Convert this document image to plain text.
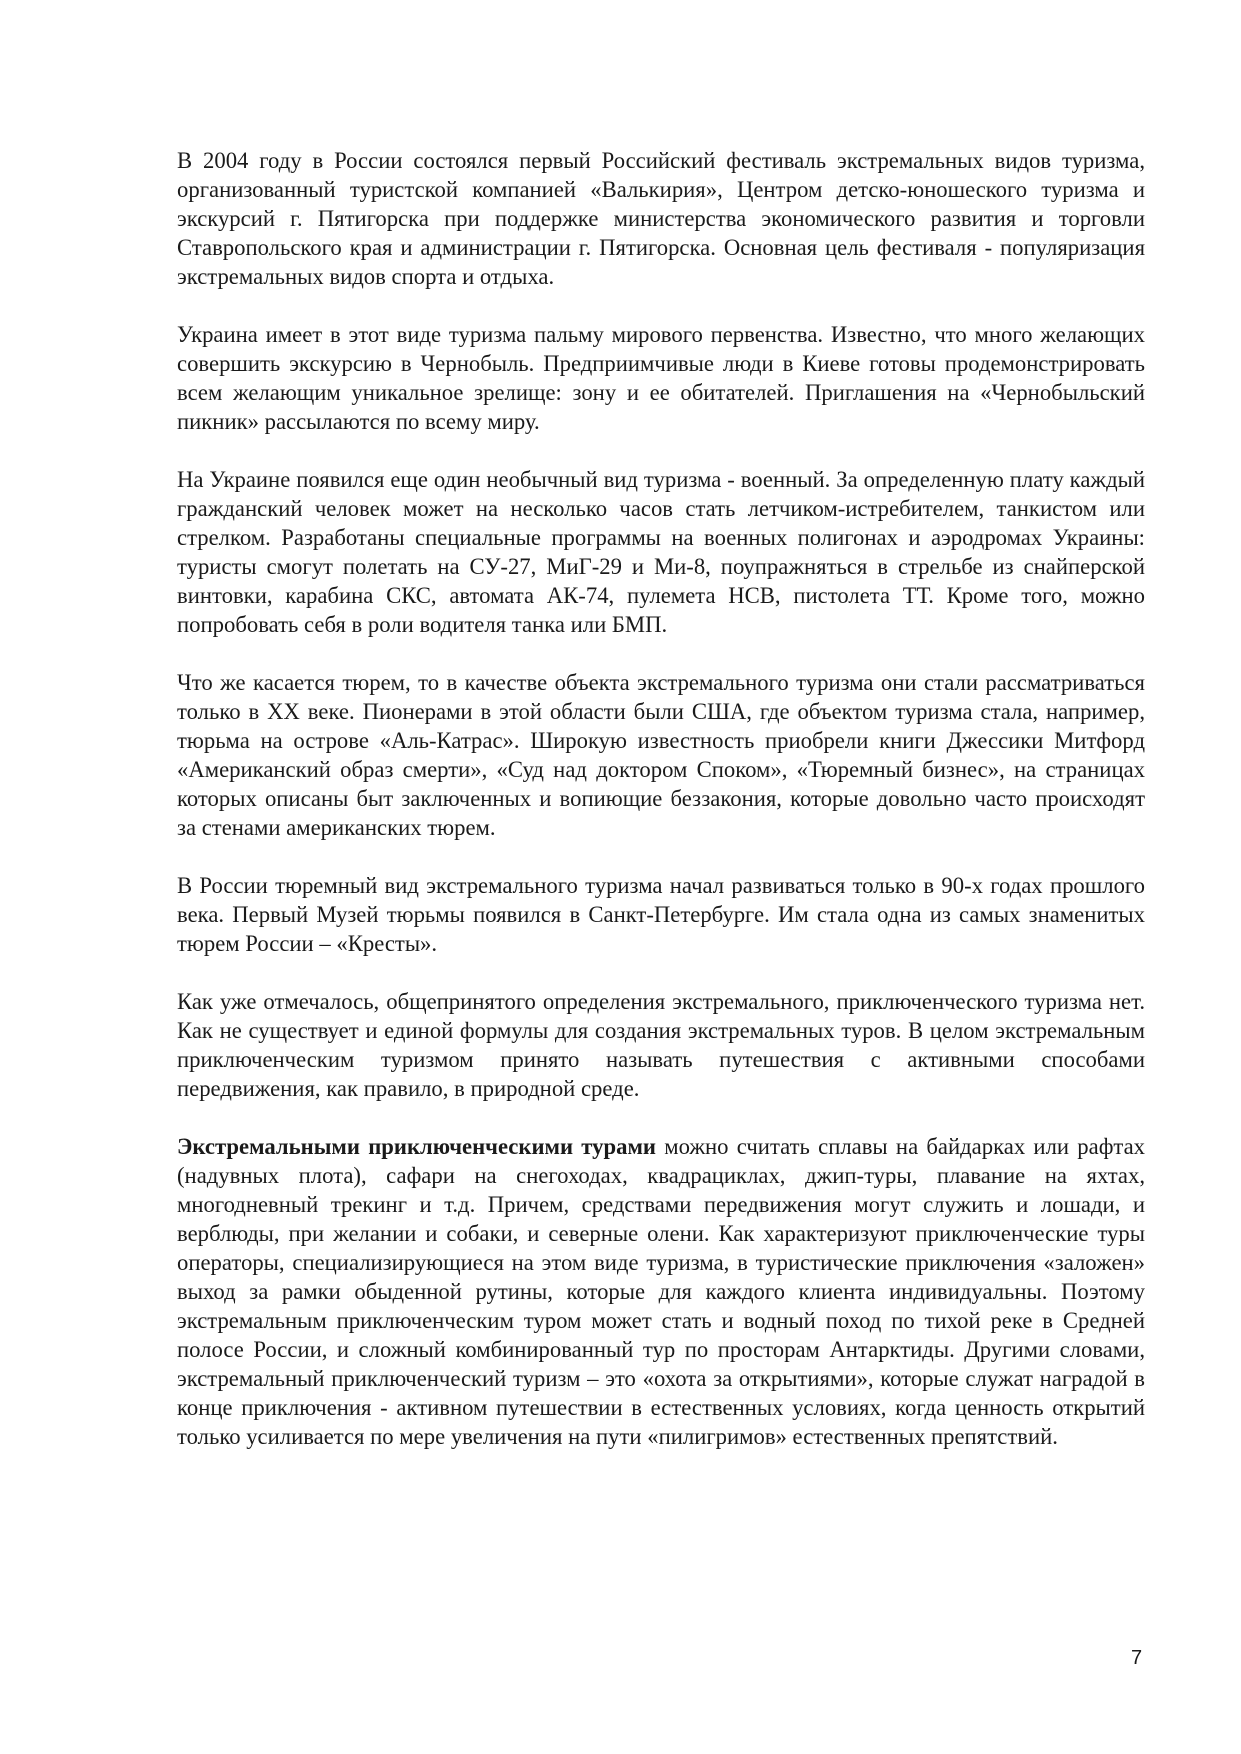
В 2004 году в России состоялся первый Российский фестиваль экстремальных видов туризма, организованный туристской компанией «Валькирия», Центром детско-юношеского туризма и экскурсий г. Пятигорска при поддержке министерства экономического развития и торговли Ставропольского края и администрации г. Пятигорска. Основная цель фестиваля - популяризация экстремальных видов спорта и отдыха.

Украина имеет в этот виде туризма пальму мирового первенства. Известно, что много желающих совершить экскурсию в Чернобыль. Предприимчивые люди в Киеве готовы продемонстрировать всем желающим уникальное зрелище: зону и ее обитателей. Приглашения на «Чернобыльский пикник» рассылаются по всему миру.

На Украине появился еще один необычный вид туризма - военный. За определенную плату каждый гражданский человек может на несколько часов стать летчиком-истребителем, танкистом или стрелком. Разработаны специальные программы на военных полигонах и аэродромах Украины: туристы смогут полетать на СУ-27, МиГ-29 и Ми-8, поупражняться в стрельбе из снайперской винтовки, карабина СКС, автомата АК-74, пулемета НСВ, пистолета ТТ. Кроме того, можно попробовать себя в роли водителя танка или БМП.

Что же касается тюрем, то в качестве объекта экстремального туризма они стали рассматриваться только в XX веке. Пионерами в этой области были США, где объектом туризма стала, например, тюрьма на острове «Аль-Катрас». Широкую известность приобрели книги Джессики Митфорд «Американский образ смерти», «Суд над доктором Споком», «Тюремный бизнес», на страницах которых описаны быт заключенных и вопиющие беззакония, которые довольно часто происходят за стенами американских тюрем.

В России тюремный вид экстремального туризма начал развиваться только в 90-х годах прошлого века. Первый Музей тюрьмы появился в Санкт-Петербурге. Им стала одна из самых знаменитых тюрем России – «Кресты».

Как уже отмечалось, общепринятого определения экстремального, приключенческого туризма нет. Как не существует и единой формулы для создания экстремальных туров. В целом экстремальным приключенческим туризмом принято называть путешествия с активными способами передвижения, как правило, в природной среде.

Экстремальными приключенческими турами можно считать сплавы на байдарках или рафтах (надувных плота), сафари на снегоходах, квадрациклах, джип-туры, плавание на яхтах, многодневный трекинг и т.д. Причем, средствами передвижения могут служить и лошади, и верблюды, при желании и собаки, и северные олени. Как характеризуют приключенческие туры операторы, специализирующиеся на этом виде туризма, в туристические приключения «заложен» выход за рамки обыденной рутины, которые для каждого клиента индивидуальны. Поэтому экстремальным приключенческим туром может стать и водный поход по тихой реке в Средней полосе России, и сложный комбинированный тур по просторам Антарктиды. Другими словами, экстремальный приключенческий туризм – это «охота за открытиями», которые служат наградой в конце приключения - активном путешествии в естественных условиях, когда ценность открытий только усиливается по мере увеличения на пути «пилигримов» естественных препятствий.

7
